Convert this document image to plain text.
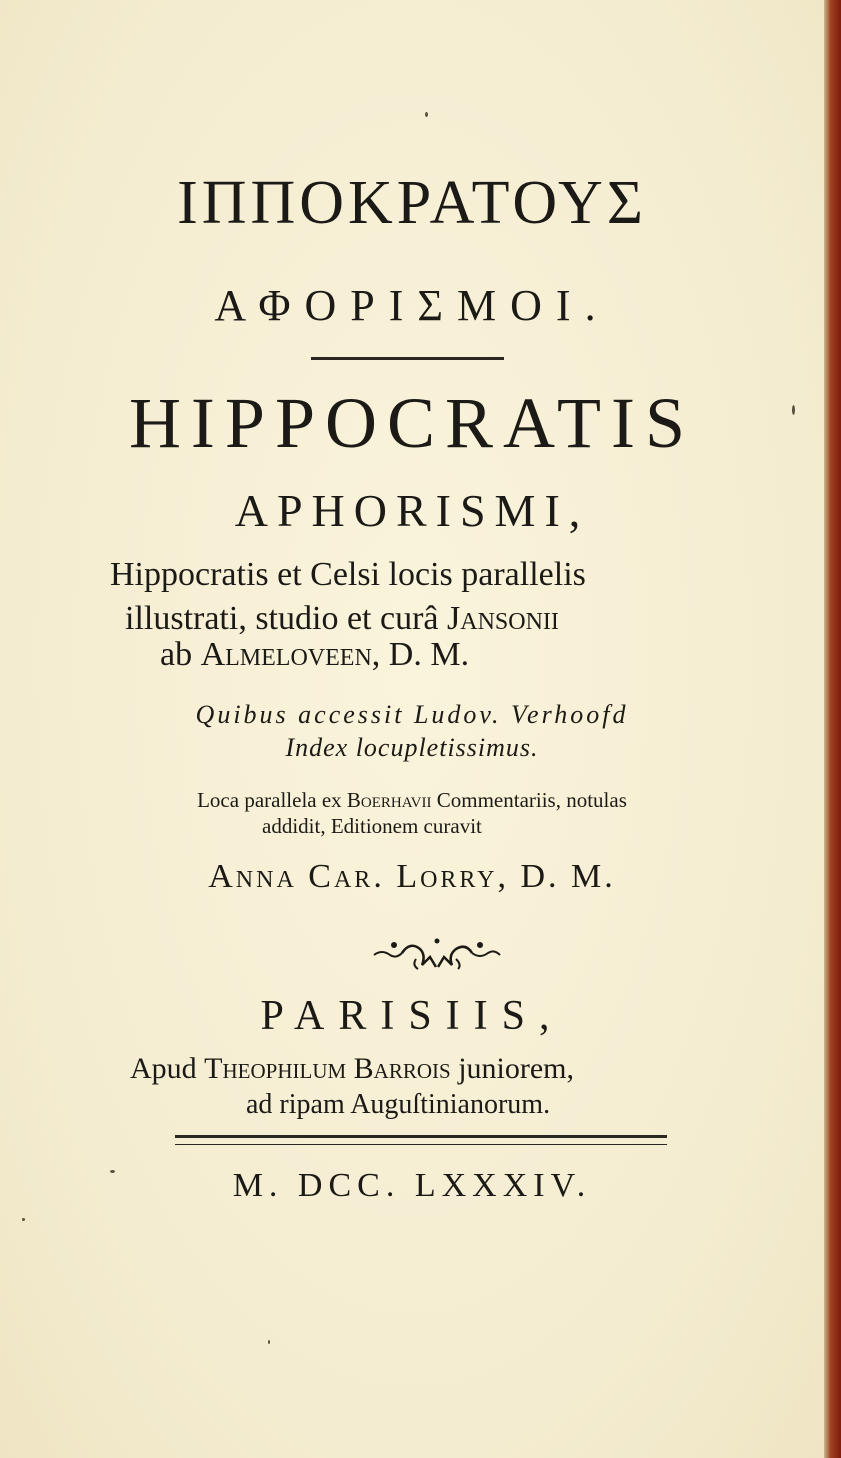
ΙΠΠΟΚΡΑΤΟΥΣ
ΑΦΟΡΙΣΜΟΙ.
HIPPOCRATIS
APHORISMI,
Hippocratis et Celsi locis parallelis
illustrati, studio et curâ Jansonii
ab Almeloveen, D. M.
Quibus accessit Ludov. Verhoofd
Index locupletissimus.
Loca parallela ex Boerhavii Commentariis, notulas
addidit, Editionem curavit
Anna Car. Lorry, D. M.
PARISIIS,
Apud Theophilum Barrois juniorem,
ad ripam Auguſtinianorum.
M. DCC. LXXXIV.
